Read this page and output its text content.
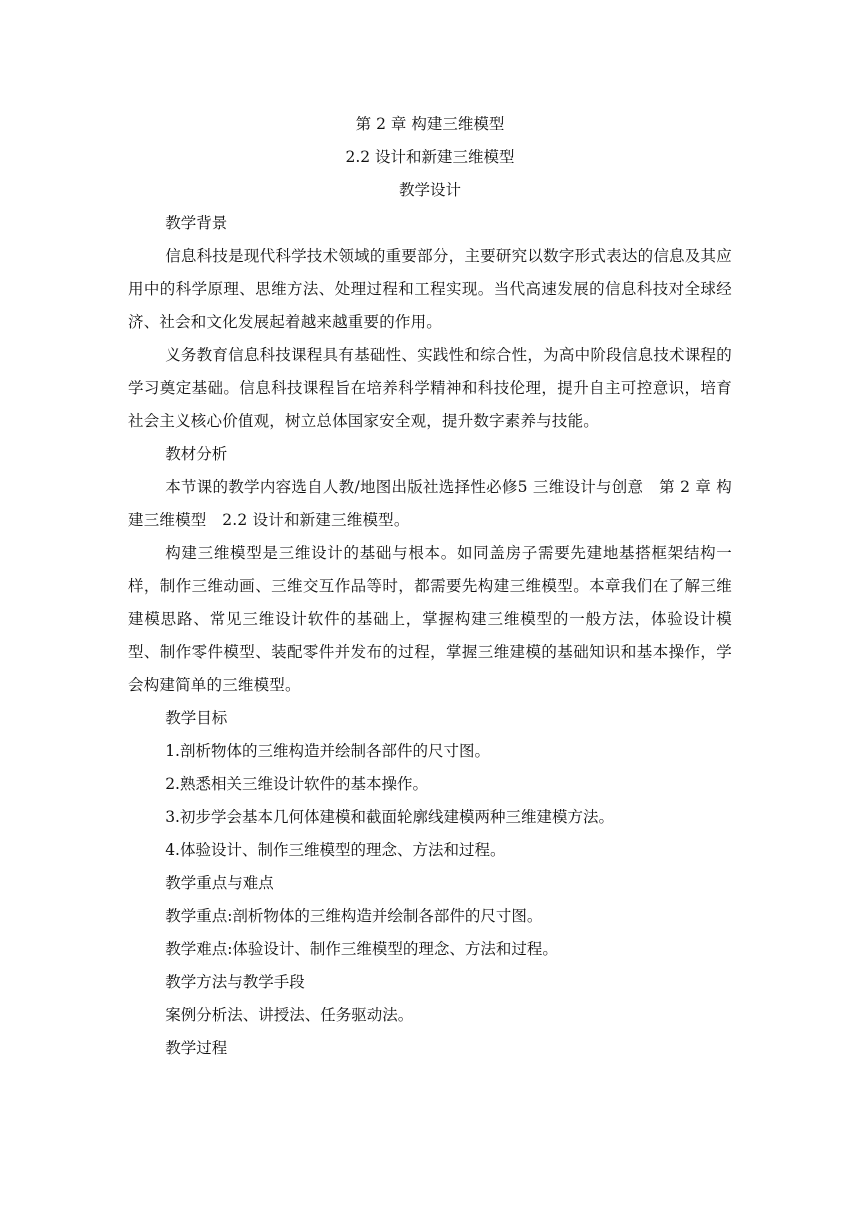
第 2 章 构建三维模型

2.2 设计和新建三维模型

教学设计

教学背景

信息科技是现代科学技术领域的重要部分，主要研究以数字形式表达的信息及其应用中的科学原理、思维方法、处理过程和工程实现。当代高速发展的信息科技对全球经济、社会和文化发展起着越来越重要的作用。

义务教育信息科技课程具有基础性、实践性和综合性，为高中阶段信息技术课程的学习奠定基础。信息科技课程旨在培养科学精神和科技伦理，提升自主可控意识，培育社会主义核心价值观，树立总体国家安全观，提升数字素养与技能。

教材分析

本节课的教学内容选自人教/地图出版社选择性必修5 三维设计与创意　第 2 章 构建三维模型　2.2 设计和新建三维模型。

构建三维模型是三维设计的基础与根本。如同盖房子需要先建地基搭框架结构一样，制作三维动画、三维交互作品等时，都需要先构建三维模型。本章我们在了解三维建模思路、常见三维设计软件的基础上，掌握构建三维模型的一般方法，体验设计模型、制作零件模型、装配零件并发布的过程，掌握三维建模的基础知识和基本操作，学会构建简单的三维模型。

教学目标

1.剖析物体的三维构造并绘制各部件的尺寸图。

2.熟悉相关三维设计软件的基本操作。

3.初步学会基本几何体建模和截面轮廓线建模两种三维建模方法。

4.体验设计、制作三维模型的理念、方法和过程。

教学重点与难点

教学重点:剖析物体的三维构造并绘制各部件的尺寸图。

教学难点:体验设计、制作三维模型的理念、方法和过程。

教学方法与教学手段

案例分析法、讲授法、任务驱动法。

教学过程
